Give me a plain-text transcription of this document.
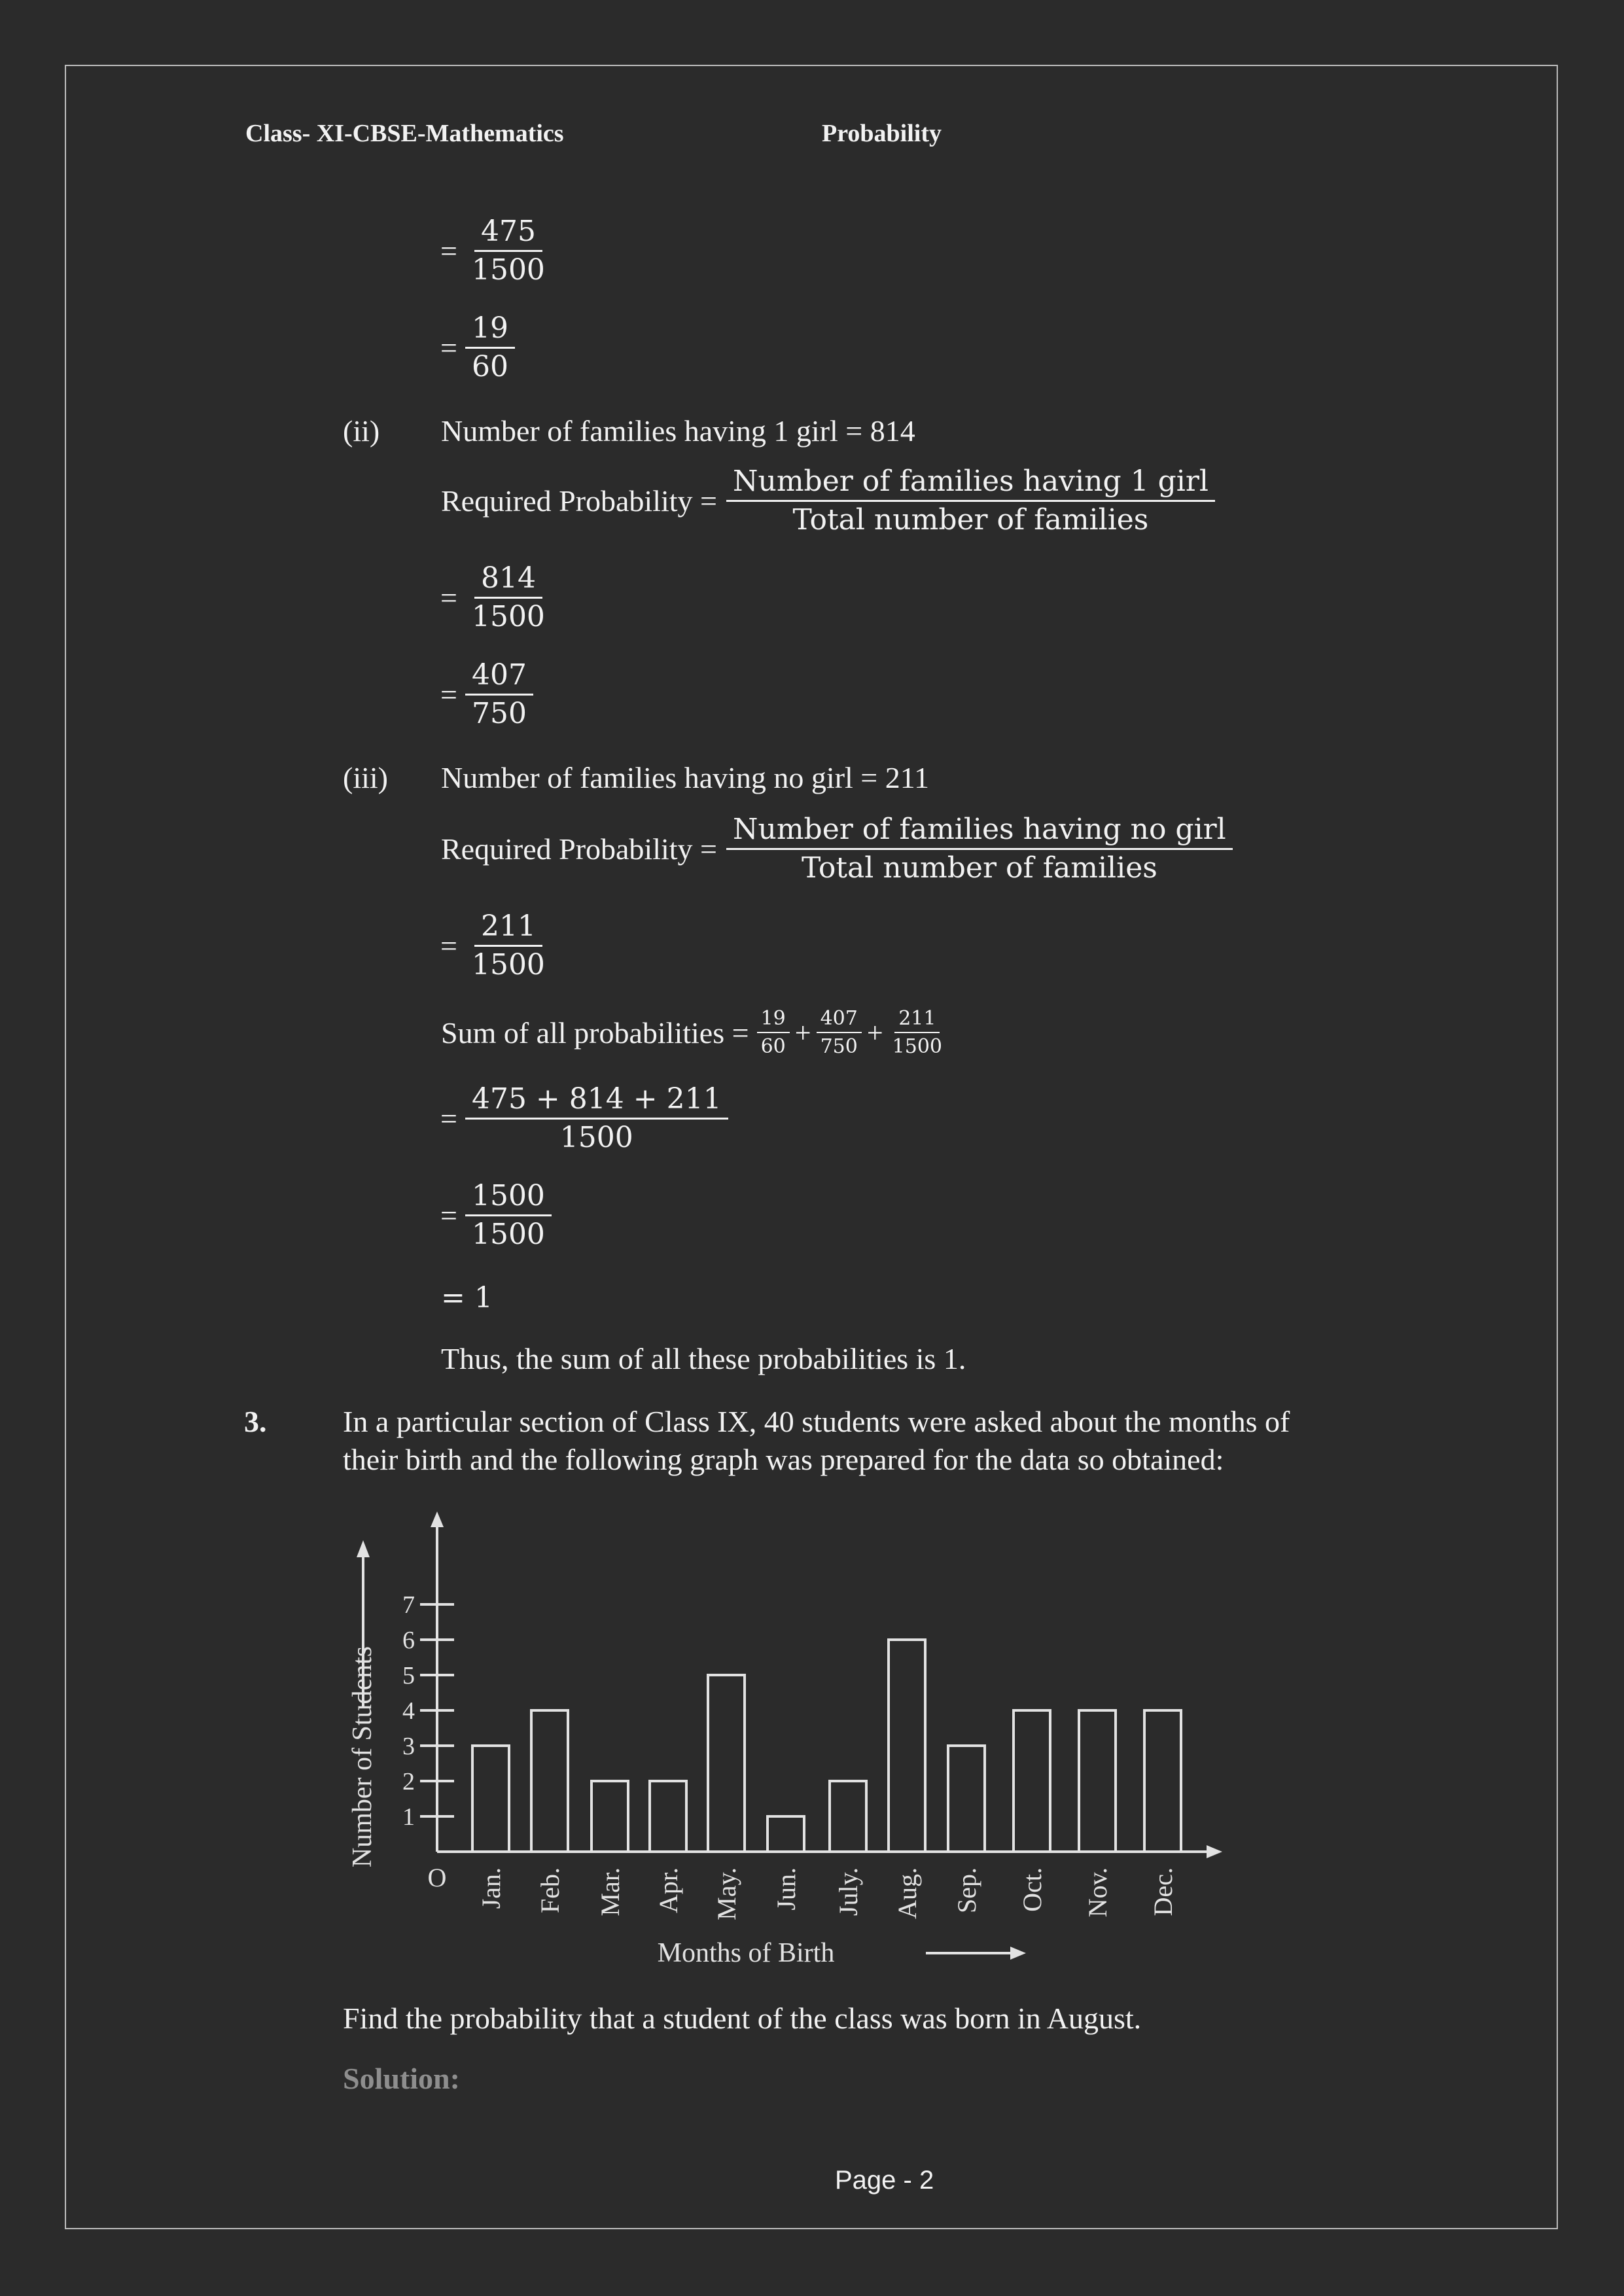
Class- XI-CBSE-Mathematics	Probability
= $\frac{475}{1500}$
= $\frac{19}{60}$
(ii) Number of families having 1 girl = 814
Required Probability = $\frac{\text{Number of families having 1 girl}}{\text{Total number of families}}$
= $\frac{814}{1500}$
= $\frac{407}{750}$
(iii) Number of families having no girl = 211
Required Probability = $\frac{\text{Number of families having no girl}}{\text{Total number of families}}$
= $\frac{211}{1500}$
Sum of all probabilities = $\frac{19}{60} + \frac{407}{750} + \frac{211}{1500}$
= $\frac{475 + 814 + 211}{1500}$
= $\frac{1500}{1500}$
= 1
Thus, the sum of all these probabilities is 1.
3.	In a particular section of Class IX, 40 students were asked about the months of
their birth and the following graph was prepared for the data so obtained:
1
2
3
4
5
6
7
Jan. Feb. Mar. Apr. May. Jun. July. Aug. Sep. Oct. Nov. Dec.
O
Months of Birth
Number of Students
Find the probability that a student of the class was born in August.
Solution:
Page - 2
